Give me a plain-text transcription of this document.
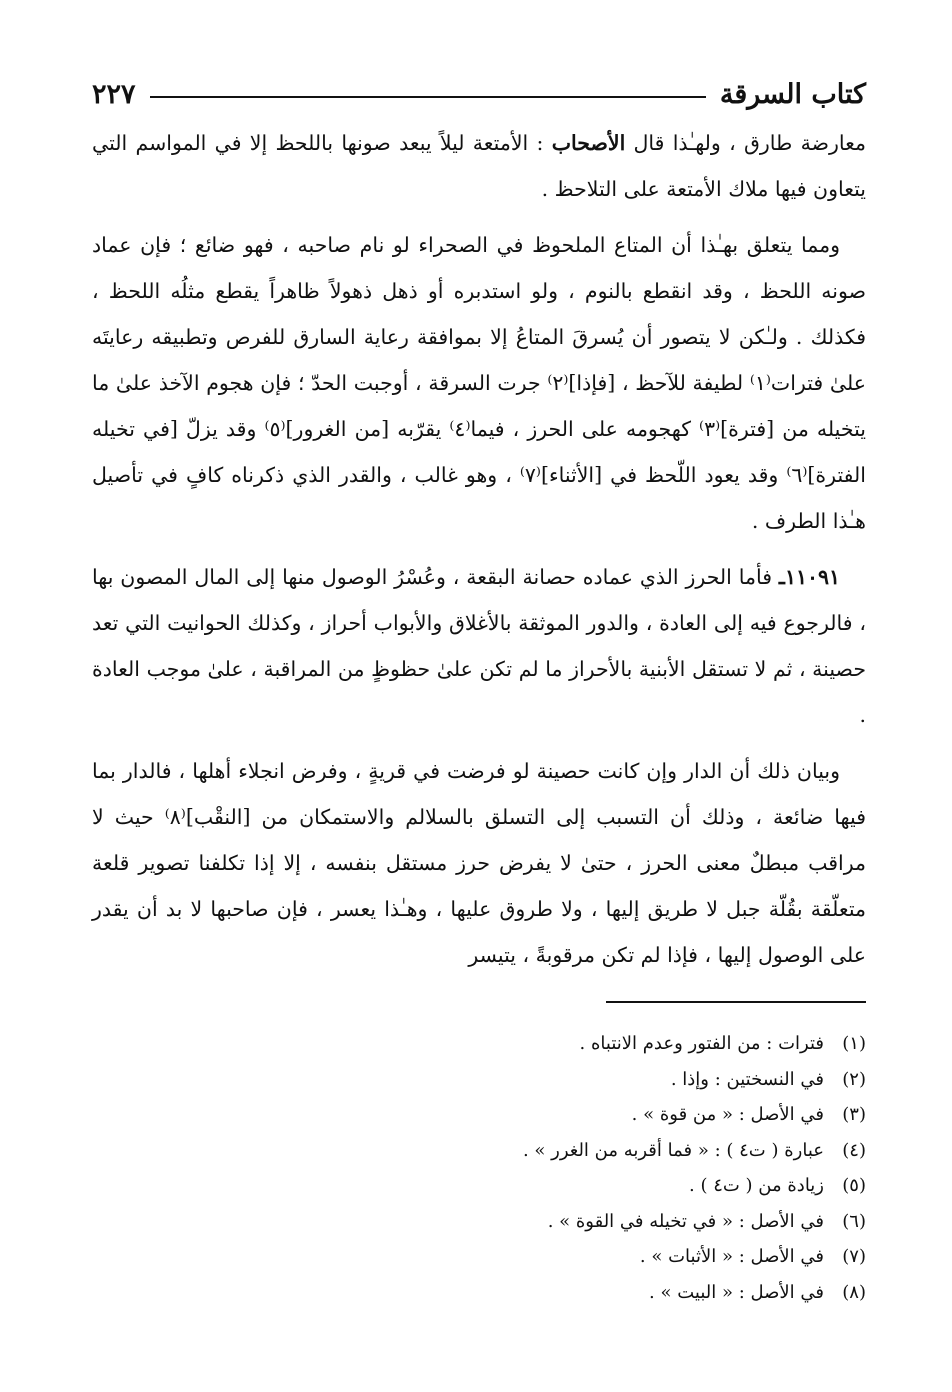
كتاب السرقة
٢٢٧

معارضة طارق ، ولهـٰذا قال الأصحاب : الأمتعة ليلاً يبعد صونها باللحظ إلا في المواسم التي يتعاون فيها ملاك الأمتعة على التلاحظ .

ومما يتعلق بهـٰذا أن المتاع الملحوظ في الصحراء لو نام صاحبه ، فهو ضائع ؛ فإن عماد صونه اللحظ ، وقد انقطع بالنوم ، ولو استدبره أو ذهل ذهولاً ظاهراً يقطع مثلُه اللحظ ، فكذلك . ولـٰكن لا يتصور أن يُسرقَ المتاعُ إلا بموافقة رعاية السارق للفرص وتطبيقه رعايتَه علىٰ فترات⁽١⁾ لطيفة للآحظ ، [فإذا]⁽٢⁾ جرت السرقة ، أوجبت الحدّ ؛ فإن هجوم الآخذ علىٰ ما يتخيله من [فترة]⁽٣⁾ كهجومه على الحرز ، فيما⁽٤⁾ يقرّبه [من الغرور]⁽٥⁾ وقد يزلّ [في تخيله الفترة]⁽٦⁾ وقد يعود اللّحظ في [الأثناء]⁽٧⁾ ، وهو غالب ، والقدر الذي ذكرناه كافٍ في تأصيل هـٰذا الطرف .

١١٠٩١ـ فأما الحرز الذي عماده حصانة البقعة ، وعُسْرُ الوصول منها إلى المال المصون بها ، فالرجوع فيه إلى العادة ، والدور الموثقة بالأغلاق والأبواب أحراز ، وكذلك الحوانيت التي تعد حصينة ، ثم لا تستقل الأبنية بالأحراز ما لم تكن علىٰ حظوظٍ من المراقبة ، علىٰ موجب العادة .

وبيان ذلك أن الدار وإن كانت حصينة لو فرضت في قريةٍ ، وفرض انجلاء أهلها ، فالدار بما فيها ضائعة ، وذلك أن التسبب إلى التسلق بالسلالم والاستمكان من [النقْب]⁽٨⁾ حيث لا مراقب مبطلٌ معنى الحرز ، حتىٰ لا يفرض حرز مستقل بنفسه ، إلا إذا تكلفنا تصوير قلعة متعلّقة بقُلّة جبل لا طريق إليها ، ولا طروق عليها ، وهـٰذا يعسر ، فإن صاحبها لا بد أن يقدر على الوصول إليها ، فإذا لم تكن مرقوبةً ، يتيسر

(١)
فترات : من الفتور وعدم الانتباه .
(٢)
في النسختين : وإذا .
(٣)
في الأصل : « من قوة » .
(٤)
عبارة ( ت٤ ) : « فما أقربه من الغرر » .
(٥)
زيادة من ( ت٤ ) .
(٦)
في الأصل : « في تخيله في القوة » .
(٧)
في الأصل : « الأثبات » .
(٨)
في الأصل : « البيت » .
